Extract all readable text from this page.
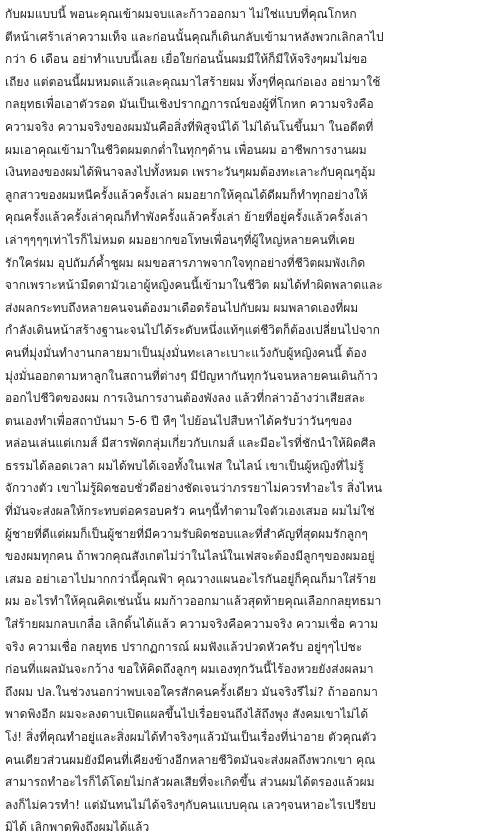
กับผมแบบนี้ พอนะคุณเข้าผมจบและก้าวออกมา ไม่ใช่แบบที่คุณโกหก
ตีหน้าเศร้าเล่าความเท็จ และก่อนนั้นคุณก็เดินกลับเข้ามาหลังพวกเลิกลาไป
กว่า 6 เดือน อย่าทำแบบนี้เลย เยื่อใยก่อนนั้นผมมีให้ก็มีให้จริงๆผมไม่ขอ
เถียง แต่ตอนนี้ผมหมดแล้วและคุณมาไสร้ายผม ทั้งๆที่คุณก่อเอง อย่ามาใช้
กลยุทธเพื่อเอาตัวรอด มันเป็นเชิงปรากฏการณ์ของผู้ที่โกหก ความจริงคือ
ความจริง ความจริงของผมมันคือสิ่งที่พิสูจน์ได้ ไม่ได้นโนขึ้นมา ในอดีตที่
ผมเอาคุณเข้ามาในชีวิตผมตกต่ำในทุกๆด้าน เพื่อนผม อาชีพการงานผม
เงินทองของผมได้พินาจลงไปทั้งหมด เพราะวันๆผมต้องทะเลาะกับคุณๆอุ้ม
ลูกสาวของผมหนีครั้งแล้วครั้งเล่า ผมอยากให้คุณได้ดีผมก็ทำทุกอย่างให้
คุณครั้งแล้วครั้งเล่าคุณก็ทำพังครั้งแล้วครั้งเล่า ย้ายที่อยู่ครั้งแล้วครั้งเล่า
เล่าๆๆๆๆเท่าไรก็ไม่หมด ผมอยากขอโทษเพื่อนๆที่ผู้ใหญ่หลายคนที่เคย
รักใคร่ผม อุปถัมภ์ค้ำชูผม ผมขอสารภาพจากใจทุกอย่างที่ชีวิตผมพังเกิด
จากเพราะหน้ามืดตามัวเอาผู้หญิงคนนี้เข้ามาในชีวิต ผมได้ทำผิดพลาดและ
ส่งผลกระทบถึงหลายคนจนต้องมาเดือดร้อนไปกับผม ผมพลาดเองที่ผม
กำลังเดินหน้าสร้างฐานะจนไปได้ระดับหนึ่งแท้ๆแต่ชีวิตก็ต้องเปลี่ยนไปจาก
คนที่มุ่งมั่นทำงานกลายมาเป็นมุ่งมั่นทะเลาะเบาะแว้งกับผู้หญิงคนนี้ ต้อง
มุ่งมั่นออกตามหาลูกในสถานที่ต่างๆ มีปัญหากันทุกวันจนหลายคนเดินก้าว
ออกไปชีวิตของผม การเงินการงานต้องพังลง แล้วที่กล่าวอ้างว่าเสียสละ
ตนเองทำเพื่อสถาบันมา 5-6 ปี หืๆ ไปย้อนไปสืบหาได้ครับว่าวันๆของ
หล่อนเล่นแต่เกมส์ มีสารพัดกลุ่มเกี่ยวกับเกมส์ และมีอะไรที่ชักนำให้ผิดศีล
ธรรมได้ลอดเวลา ผมได้พบได้เจอทั้งในเฟส ในไลน์ เขาเป็นผู้หญิงที่ไม่รู้
จักวางตัว เขาไม่รู้ผิดชอบชั่วดีอย่างชัดเจนว่าภรรยาไม่ควรทำอะไร สิ่งไหน
ที่มันจะส่งผลให้กระทบต่อครอบครัว คนๆนี้ทำตามใจตัวเองเสมอ ผมไม่ใช่
ผู้ชายที่ดีแต่ผมก็เป็นผู้ชายที่มีความรับผิดชอบและที่สำคัญที่สุดผมรักลูกๆ
ของผมทุกคน ถ้าพวกคุณสังเกตไม่ว่าในไลน์ในเฟสจะต้องมีลูกๆของผมอยู่
เสมอ อย่าเอาไปมากกว่านี้คุณฟ้า คุณวางแผนอะไรกันอยู่ก็คุณก็มาใส่ร้าย
ผม อะไรทำให้คุณคิดเช่นนั้น ผมก้าวออกมาแล้วสุดท้ายคุณเลือกกลยุทธมา
ใส่ร้ายผมกลบเกลื่อ เลิกดิ้นได้แล้ว ความจริงคือความจริง ความเชื่อ ความ
จริง ความเชื่อ กลยุทธ ปรากฏการณ์ ผมฟังแล้วปวดหัวครับ อยู่ๆๆไปชะ
ก่อนที่แผลมันจะกว้าง ขอให้คิดถึงลูกๆ ผมเองทุกวันนี้ไร้องหวยยังส่งผลมา
ถึงผม ปล.ในช่วงนอกว่าพบเจอใครสักคนครั้งเดียว มันจริงรึไม่? ถ้าออกมา
พาดพิงอีก ผมจะลงดาบเปิดแผลขึ้นไปเรื่อยจนถึงไส้ถึงพุง สังคมเขาไม่ได้
โง่! สิ่งที่คุณทำอยู่และสิ่งผมได้ทำจริงๆแล้วมันเป็นเรื่องที่น่าอาย ตัวคุณตัว
คนเดียวส่วนผมยังมีคนที่เคียงข้างอีกหลายชีวิตมันจะส่งผลถึงพวกเขา คุณ
สามารถทำอะไรก็ได้โดยไม่กลัวผลเสียที่จะเกิดขึ้น ส่วนผมได้ตรองแล้วผม
ลงก็ไม่ควรทำ! แต่มันทนไม่ได้จริงๆกับคนแบบคุณ เลวๆจนหาอะไรเปรียบ
มิได้ เลิกพาดพิงถึงผมได้แล้ว
